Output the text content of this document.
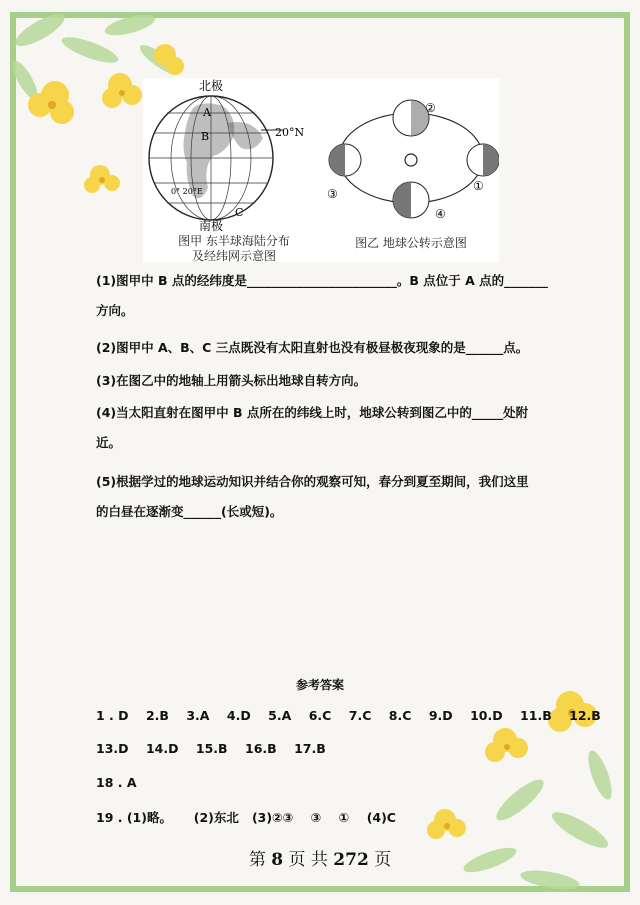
北极
20°N
A
B
C
0° 20°E
南极
图甲 东半球海陆分布
及经纬网示意图
①
④
③
②
图乙 地球公转示意图
(1)图甲中 B 点的经纬度是________________________。B 点位于 A 点的_______
方向。
(2)图甲中 A、B、C 三点既没有太阳直射也没有极昼极夜现象的是______点。
(3)在图乙中的地轴上用箭头标出地球自转方向。
(4)当太阳直射在图甲中 B 点所在的纬线上时，地球公转到图乙中的_____处附
近。
(5)根据学过的地球运动知识并结合你的观察可知，春分到夏至期间，我们这里
的白昼在逐渐变______(长或短)。
参考答案
1 . D 2.B 3.A 4.D 5.A 6.C 7.C 8.C 9.D 10.D 11.B 12.B
13.D 14.D 15.B 16.B 17.B
18 . A
19 . (1)略。 (2)东北 (3)②③ ③ ① (4)C
第 8 页 共 272 页
